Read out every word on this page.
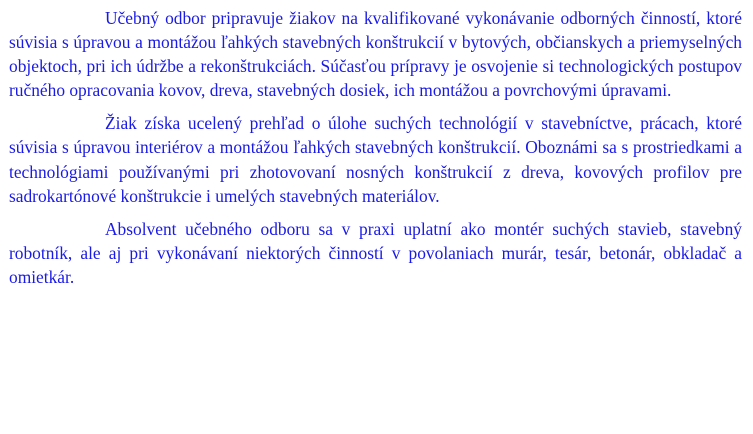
Učebný odbor pripravuje žiakov na kvalifikované vykonávanie odborných činností, ktoré súvisia s úpravou a montážou ľahkých stavebných konštrukcií v bytových, občianskych a priemyselných objektoch, pri ich údržbe a rekonštrukciách. Súčasťou prípravy je osvojenie si technologických postupov ručného opracovania kovov, dreva, stavebných dosiek, ich montážou a povrchovými úpravami.

Žiak získa ucelený prehľad o úlohe suchých technológií v stavebníctve, prácach, ktoré súvisia s úpravou interiérov a montážou ľahkých stavebných konštrukcií. Oboznámi sa s prostriedkami a technológiami používanými pri zhotovovaní nosných konštrukcií z dreva, kovových profilov pre sadrokartónové konštrukcie i umelých stavebných materiálov.

Absolvent učebného odboru sa v praxi uplatní ako montér suchých stavieb, stavebný robotník, ale aj pri vykonávaní niektorých činností v povolaniach murár, tesár, betonár, obkladač a omietkár.
